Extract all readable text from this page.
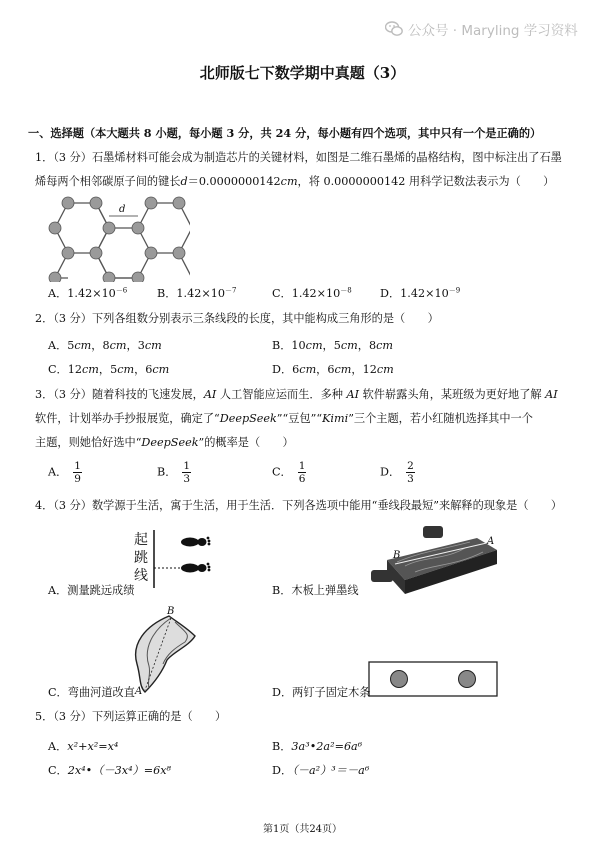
公众号 · Maryling 学习资料
北师版七下数学期中真题（3）
一、选择题（本大题共 8 小题，每小题 3 分，共 24 分，每小题有四个选项，其中只有一个是正确的）
1．（3 分）石墨烯材料可能会成为制造芯片的关键材料，如图是二维石墨烯的晶格结构，图中标注出了石墨
烯每两个相邻碳原子间的键长d＝0.0000000142cm，将 0.0000000142 用科学记数法表示为（　　）
d
A．$1.42\times 10^{-6}$	B．$1.42\times 10^{-7}$	C．$1.42\times 10^{-8}$	D．$1.42\times 10^{-9}$
2．（3 分）下列各组数分别表示三条线段的长度，其中能构成三角形的是（　　）
A．5cm，8cm，3cm	B．10cm，5cm，8cm
C．12cm，5cm，6cm	D．6cm，6cm，12cm
3．（3 分）随着科技的飞速发展，AI 人工智能应运而生．多种 AI 软件崭露头角，某班级为更好地了解 AI
软件，计划举办手抄报展览，确定了“DeepSeek”“豆包”“Kimi”三个主题，若小红随机选择其中一个
主题，则她恰好选中“DeepSeek”的概率是（　　）
A． $\frac{1}{9}$	B． $\frac{1}{3}$	C． $\frac{1}{6}$	D． $\frac{2}{3}$
4．（3 分）数学源于生活，寓于生活，用于生活．下列各选项中能用“垂线段最短”来解释的现象是（　　）
起
跳
线
A．测量跳远成绩
B
A
B．木板上弹墨线
B
A
C．弯曲河道改直	D．两钉子固定木条
5．（3 分）下列运算正确的是（　　）
A．x²+x²=x⁴	B．3a³•2a²=6a⁶
C．2x⁴•（－3x⁴）=6x⁸	D．（－a²）³＝－a⁶
第1页（共24页）
